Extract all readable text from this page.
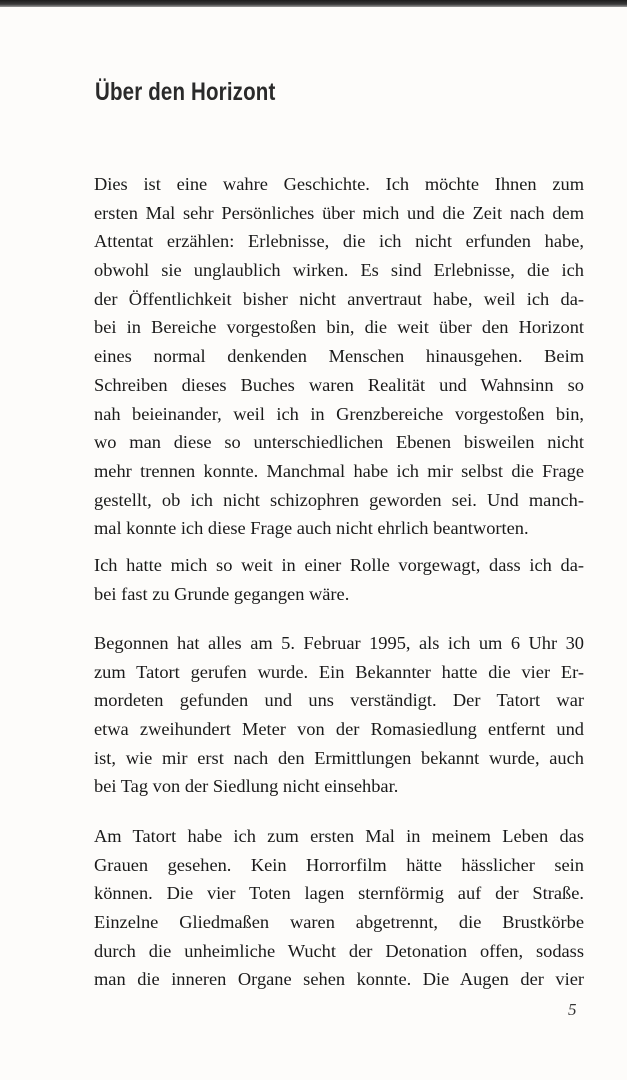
Über den Horizont
Dies ist eine wahre Geschichte. Ich möchte Ihnen zum
ersten Mal sehr Persönliches über mich und die Zeit nach dem
Attentat erzählen: Erlebnisse, die ich nicht erfunden habe,
obwohl sie unglaublich wirken. Es sind Erlebnisse, die ich
der Öffentlichkeit bisher nicht anvertraut habe, weil ich da-
bei in Bereiche vorgestoßen bin, die weit über den Horizont
eines normal denkenden Menschen hinausgehen. Beim
Schreiben dieses Buches waren Realität und Wahnsinn so
nah beieinander, weil ich in Grenzbereiche vorgestoßen bin,
wo man diese so unterschiedlichen Ebenen bisweilen nicht
mehr trennen konnte. Manchmal habe ich mir selbst die Frage
gestellt, ob ich nicht schizophren geworden sei. Und manch-
mal konnte ich diese Frage auch nicht ehrlich beantworten.
Ich hatte mich so weit in einer Rolle vorgewagt, dass ich da-
bei fast zu Grunde gegangen wäre.
Begonnen hat alles am 5. Februar 1995, als ich um 6 Uhr 30
zum Tatort gerufen wurde. Ein Bekannter hatte die vier Er-
mordeten gefunden und uns verständigt. Der Tatort war
etwa zweihundert Meter von der Romasiedlung entfernt und
ist, wie mir erst nach den Ermittlungen bekannt wurde, auch
bei Tag von der Siedlung nicht einsehbar.
Am Tatort habe ich zum ersten Mal in meinem Leben das
Grauen gesehen. Kein Horrorfilm hätte hässlicher sein
können. Die vier Toten lagen sternförmig auf der Straße.
Einzelne Gliedmaßen waren abgetrennt, die Brustkörbe
durch die unheimliche Wucht der Detonation offen, sodass
man die inneren Organe sehen konnte. Die Augen der vier
5
